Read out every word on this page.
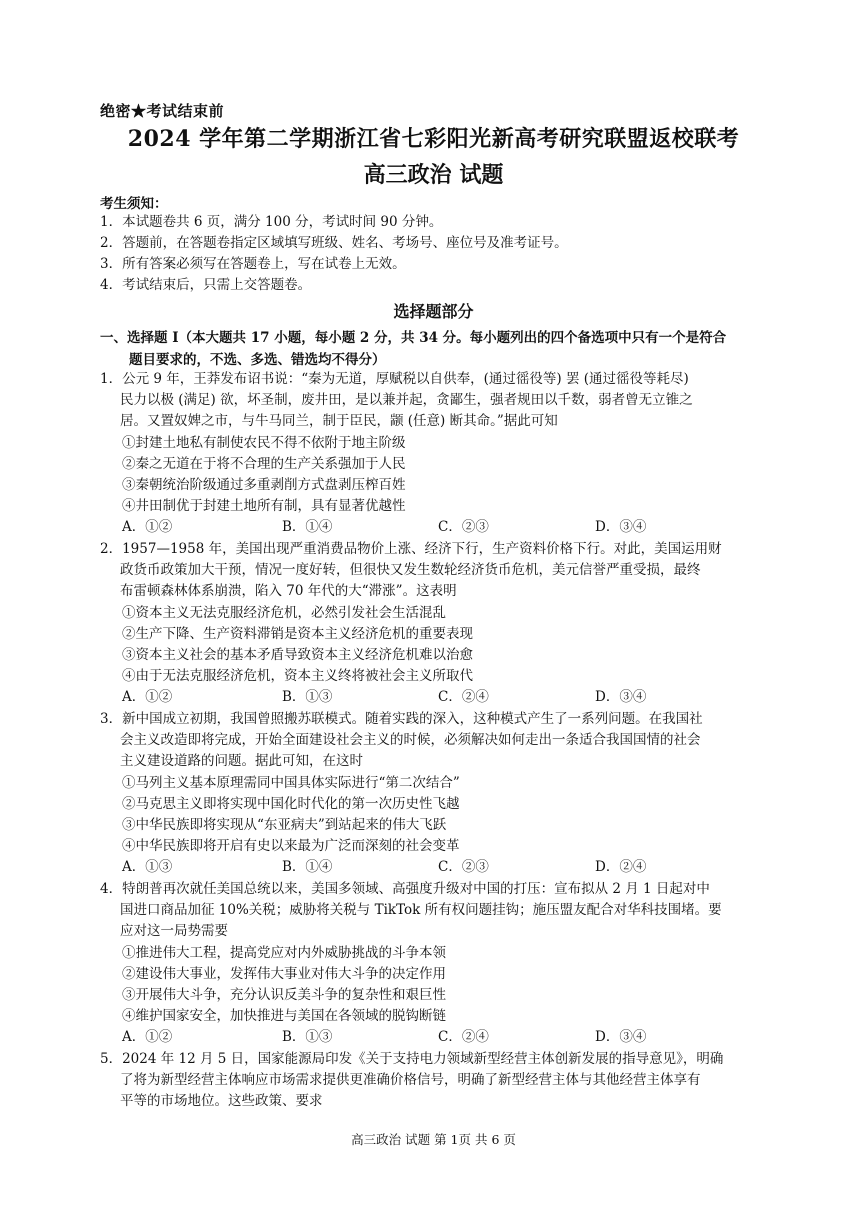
绝密★考试结束前
2024 学年第二学期浙江省七彩阳光新高考研究联盟返校联考
高三政治 试题
考生须知：
1．本试题卷共 6 页，满分 100 分，考试时间 90 分钟。
2．答题前，在答题卷指定区域填写班级、姓名、考场号、座位号及准考证号。
3．所有答案必须写在答题卷上，写在试卷上无效。
4．考试结束后，只需上交答题卷。
选择题部分
一、选择题 Ⅰ（本大题共 17 小题，每小题 2 分，共 34 分。每小题列出的四个备选项中只有一个是符合
题目要求的，不选、多选、错选均不得分）
1．公元 9 年，王莽发布诏书说：“秦为无道，厚赋税以自供奉，(通过徭役等) 罢 (通过徭役等耗尽)
民力以极 (满足) 欲，坏圣制，废井田，是以兼并起，贪鄙生，强者规田以千数，弱者曾无立锥之
居。又置奴婢之市，与牛马同兰，制于臣民，颛 (任意) 断其命。”据此可知
①封建土地私有制使农民不得不依附于地主阶级
②秦之无道在于将不合理的生产关系强加于人民
③秦朝统治阶级通过多重剥削方式盘剥压榨百姓
④井田制优于封建土地所有制，具有显著优越性
A．①②	B．①④	C．②③	D．③④
2．1957—1958 年，美国出现严重消费品物价上涨、经济下行，生产资料价格下行。对此，美国运用财
政货币政策加大干预，情况一度好转，但很快又发生数轮经济货币危机，美元信誉严重受损，最终
布雷顿森林体系崩溃，陷入 70 年代的大“滞涨”。这表明
①资本主义无法克服经济危机，必然引发社会生活混乱
②生产下降、生产资料滞销是资本主义经济危机的重要表现
③资本主义社会的基本矛盾导致资本主义经济危机难以治愈
④由于无法克服经济危机，资本主义终将被社会主义所取代
A．①②	B．①③	C．②④	D．③④
3．新中国成立初期，我国曾照搬苏联模式。随着实践的深入，这种模式产生了一系列问题。在我国社
会主义改造即将完成，开始全面建设社会主义的时候，必须解决如何走出一条适合我国国情的社会
主义建设道路的问题。据此可知，在这时
①马列主义基本原理需同中国具体实际进行“第二次结合”
②马克思主义即将实现中国化时代化的第一次历史性飞越
③中华民族即将实现从“东亚病夫”到站起来的伟大飞跃
④中华民族即将开启有史以来最为广泛而深刻的社会变革
A．①③	B．①④	C．②③	D．②④
4．特朗普再次就任美国总统以来，美国多领域、高强度升级对中国的打压：宣布拟从 2 月 1 日起对中
国进口商品加征 10%关税；威胁将关税与 TikTok 所有权问题挂钩；施压盟友配合对华科技围堵。要
应对这一局势需要
①推进伟大工程，提高党应对内外威胁挑战的斗争本领
②建设伟大事业，发挥伟大事业对伟大斗争的决定作用
③开展伟大斗争，充分认识反美斗争的复杂性和艰巨性
④维护国家安全，加快推进与美国在各领域的脱钩断链
A．①②	B．①③	C．②④	D．③④
5．2024 年 12 月 5 日，国家能源局印发《关于支持电力领域新型经营主体创新发展的指导意见》，明确
了将为新型经营主体响应市场需求提供更准确价格信号，明确了新型经营主体与其他经营主体享有
平等的市场地位。这些政策、要求
高三政治 试题 第 1页 共 6 页
